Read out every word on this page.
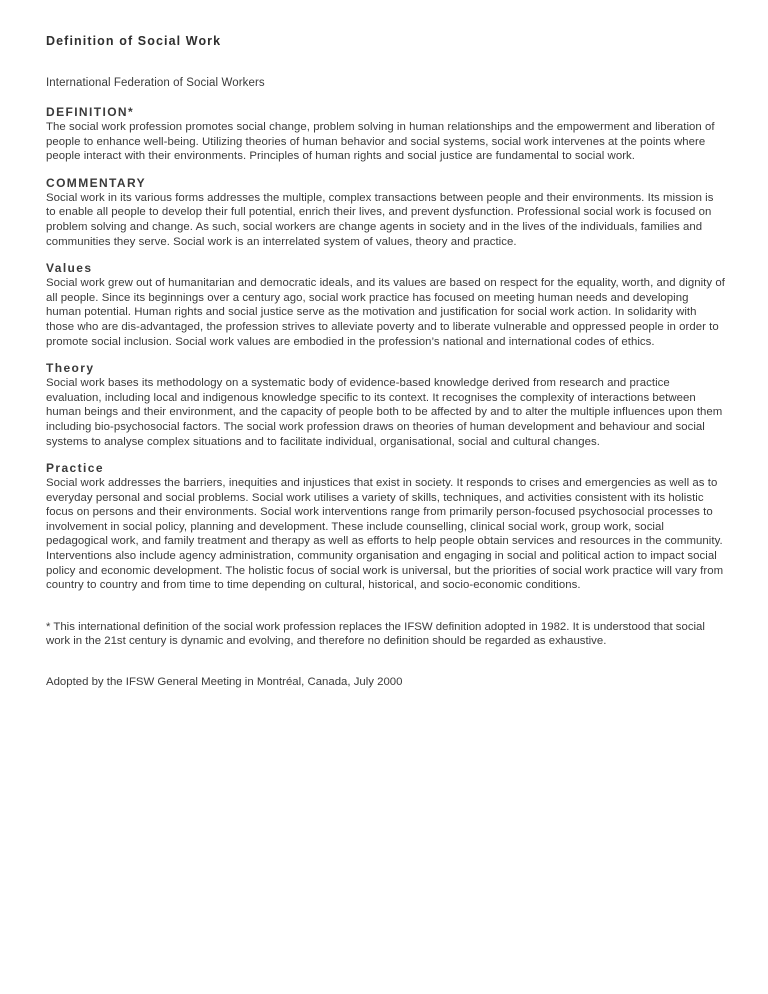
Definition of Social Work

International Federation of Social Workers

DEFINITION*

The social work profession promotes social change, problem solving in human relationships and the empowerment and liberation of people to enhance well-being. Utilizing theories of human behavior and social systems, social work intervenes at the points where people interact with their environments. Principles of human rights and social justice are fundamental to social work.

COMMENTARY

Social work in its various forms addresses the multiple, complex transactions between people and their environments. Its mission is to enable all people to develop their full potential, enrich their lives, and prevent dysfunction. Professional social work is focused on problem solving and change. As such, social workers are change agents in society and in the lives of the individuals, families and communities they serve. Social work is an interrelated system of values, theory and practice.

Values

Social work grew out of humanitarian and democratic ideals, and its values are based on respect for the equality, worth, and dignity of all people. Since its beginnings over a century ago, social work practice has focused on meeting human needs and developing human potential. Human rights and social justice serve as the motivation and justification for social work action. In solidarity with those who are dis-advantaged, the profession strives to alleviate poverty and to liberate vulnerable and oppressed people in order to promote social inclusion. Social work values are embodied in the profession’s national and international codes of ethics.

Theory

Social work bases its methodology on a systematic body of evidence-based knowledge derived from research and practice evaluation, including local and indigenous knowledge specific to its context. It recognises the complexity of interactions between human beings and their environment, and the capacity of people both to be affected by and to alter the multiple influences upon them including bio-psychosocial factors. The social work profession draws on theories of human development and behaviour and social systems to analyse complex situations and to facilitate individual, organisational, social and cultural changes.

Practice

Social work addresses the barriers, inequities and injustices that exist in society. It responds to crises and emergencies as well as to everyday personal and social problems. Social work utilises a variety of skills, techniques, and activities consistent with its holistic focus on persons and their environments. Social work interventions range from primarily person-focused psychosocial processes to involvement in social policy, planning and development. These include counselling, clinical social work, group work, social pedagogical work, and family treatment and therapy as well as efforts to help people obtain services and resources in the community. Interventions also include agency administration, community organisation and engaging in social and political action to impact social policy and economic development. The holistic focus of social work is universal, but the priorities of social work practice will vary from country to country and from time to time depending on cultural, historical, and socio-economic conditions.

* This international definition of the social work profession replaces the IFSW definition adopted in 1982. It is understood that social work in the 21st century is dynamic and evolving, and therefore no definition should be regarded as exhaustive.

Adopted by the IFSW General Meeting in Montréal, Canada, July 2000
